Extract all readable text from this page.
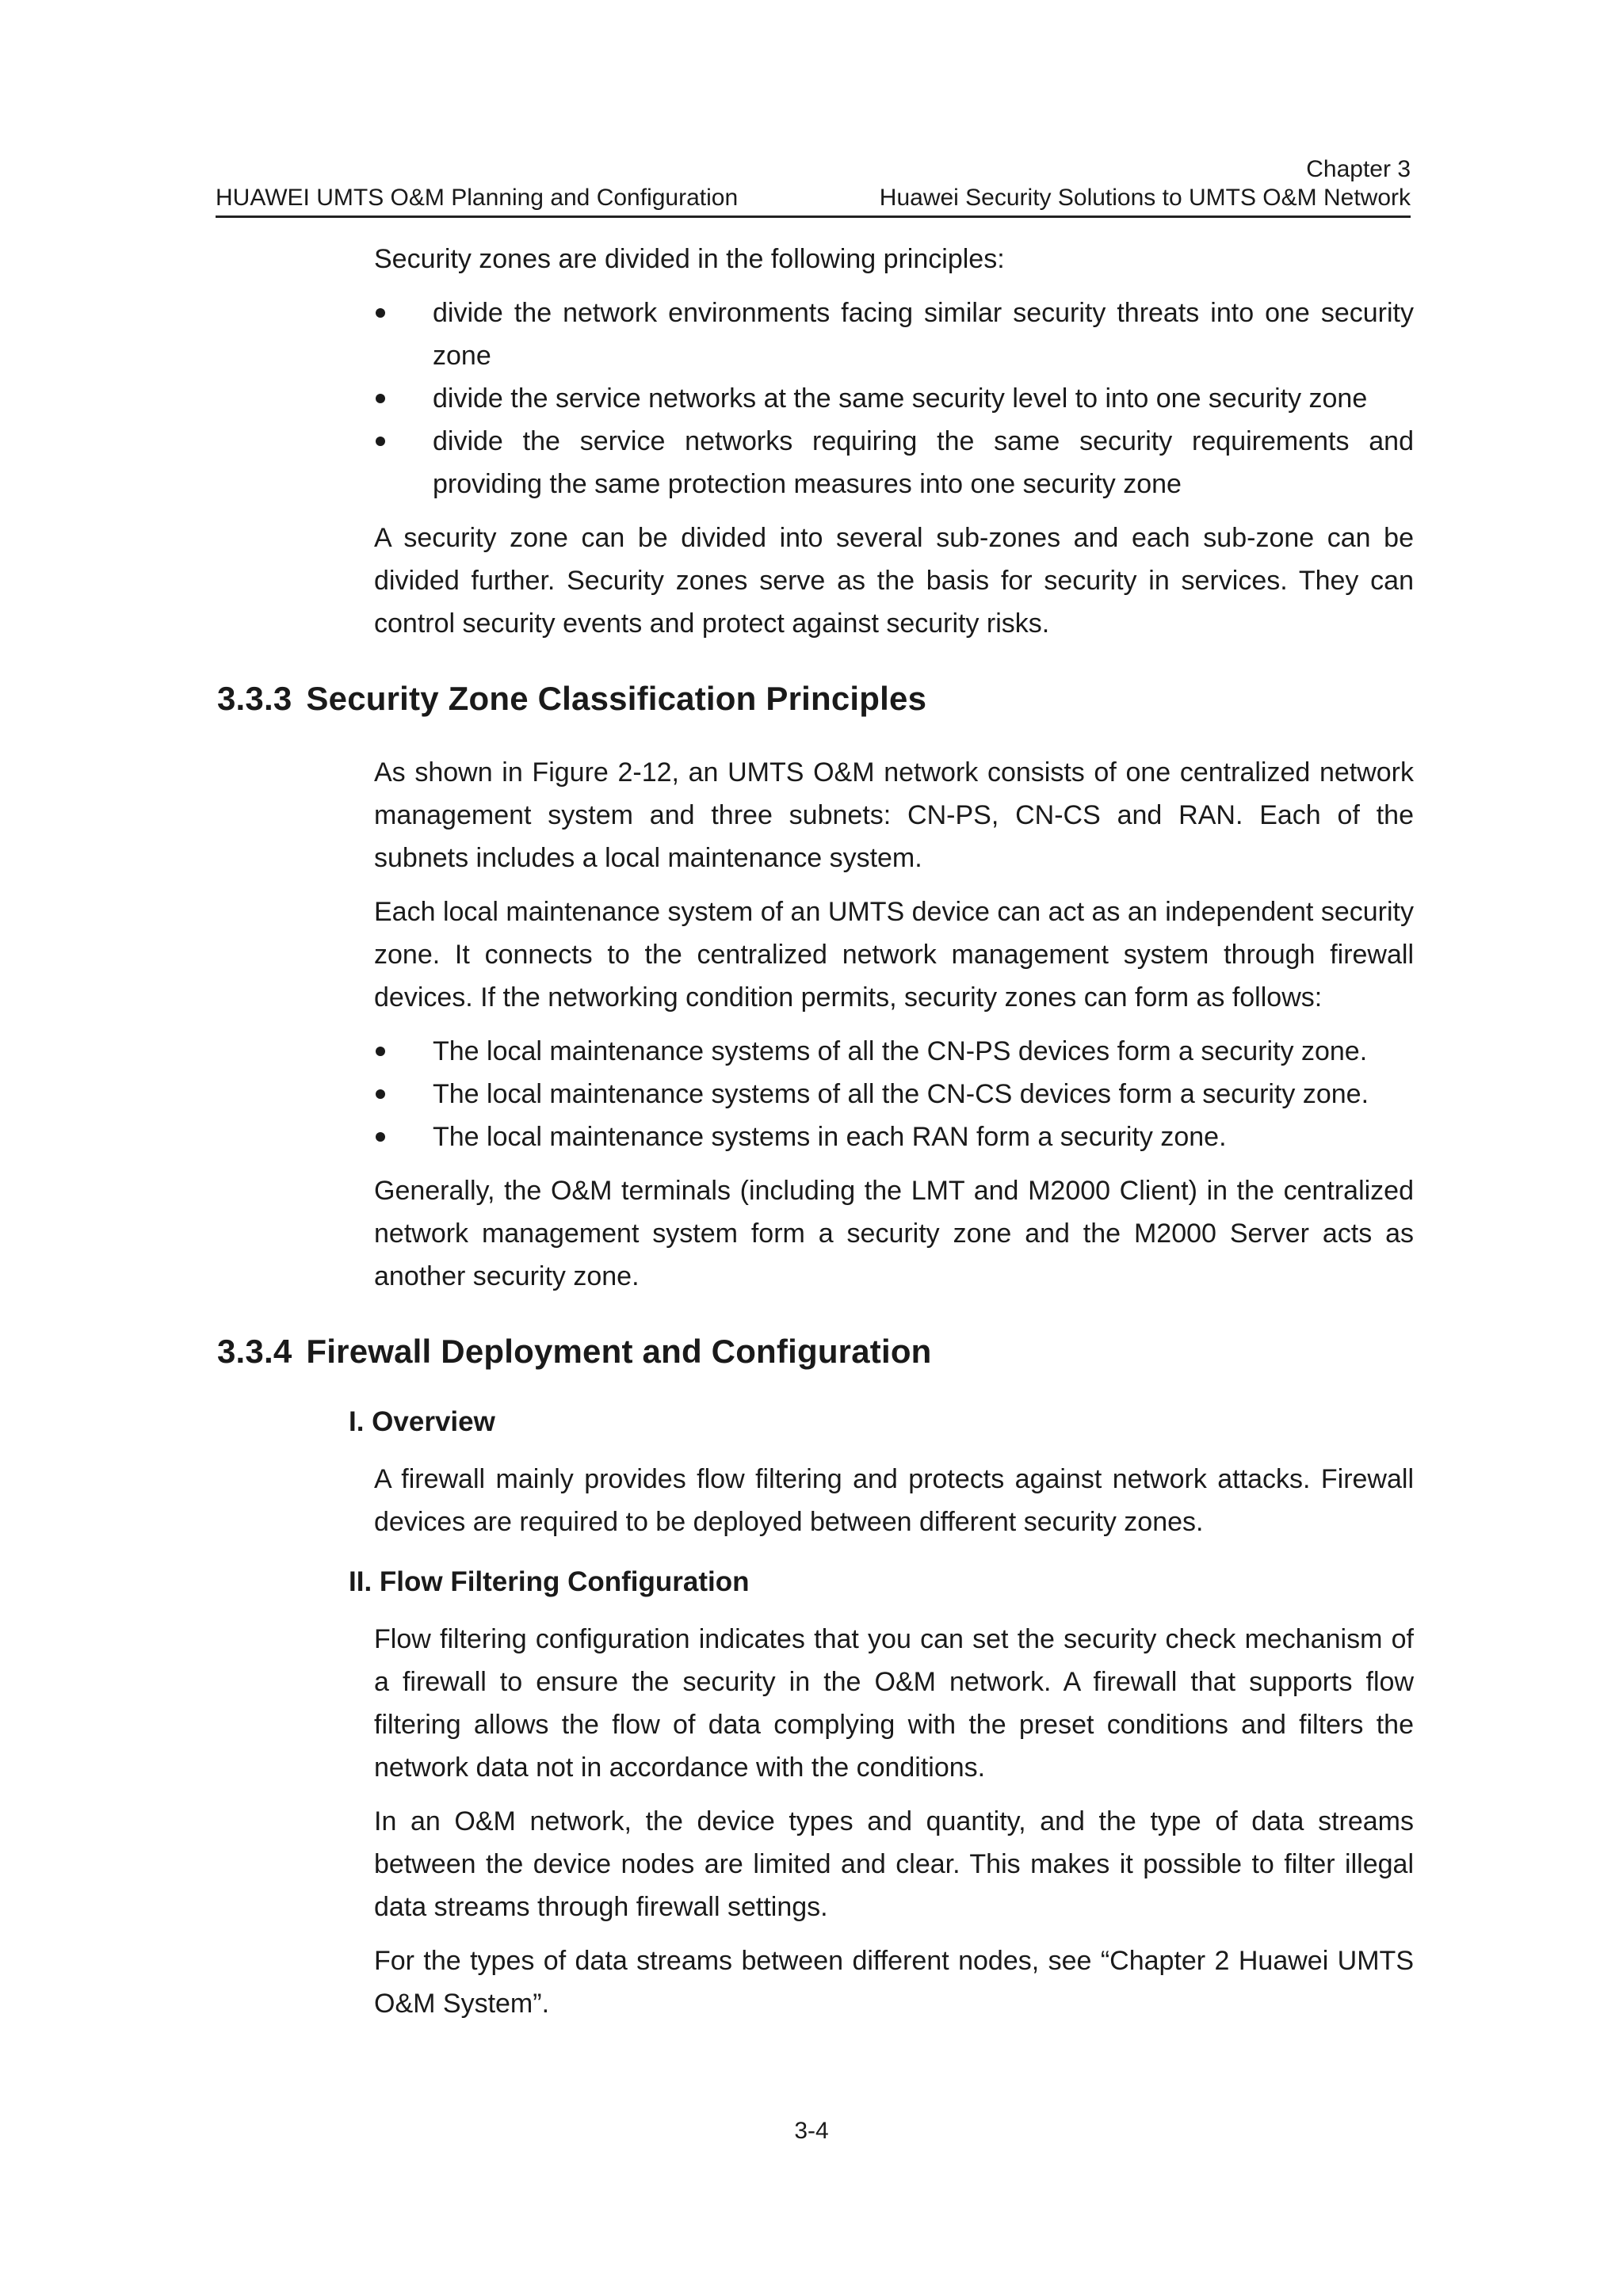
HUAWEI UMTS O&M Planning and Configuration
Chapter 3
Huawei Security Solutions to UMTS O&M Network

Security zones are divided in the following principles:

divide the network environments facing similar security threats into one security zone
divide the service networks at the same security level to into one security zone
divide the service networks requiring the same security requirements and providing the same protection measures into one security zone

A security zone can be divided into several sub-zones and each sub-zone can be divided further. Security zones serve as the basis for security in services. They can control security events and protect against security risks.

3.3.3 Security Zone Classification Principles

As shown in Figure 2-12, an UMTS O&M network consists of one centralized network management system and three subnets: CN-PS, CN-CS and RAN. Each of the subnets includes a local maintenance system.

Each local maintenance system of an UMTS device can act as an independent security zone. It connects to the centralized network management system through firewall devices. If the networking condition permits, security zones can form as follows:

The local maintenance systems of all the CN-PS devices form a security zone.
The local maintenance systems of all the CN-CS devices form a security zone.
The local maintenance systems in each RAN form a security zone.

Generally, the O&M terminals (including the LMT and M2000 Client) in the centralized network management system form a security zone and the M2000 Server acts as another security zone.

3.3.4 Firewall Deployment and Configuration
I. Overview

A firewall mainly provides flow filtering and protects against network attacks. Firewall devices are required to be deployed between different security zones.

II. Flow Filtering Configuration

Flow filtering configuration indicates that you can set the security check mechanism of a firewall to ensure the security in the O&M network. A firewall that supports flow filtering allows the flow of data complying with the preset conditions and filters the network data not in accordance with the conditions.

In an O&M network, the device types and quantity, and the type of data streams between the device nodes are limited and clear. This makes it possible to filter illegal data streams through firewall settings.

For the types of data streams between different nodes, see “Chapter 2 Huawei UMTS O&M System”.

3-4
